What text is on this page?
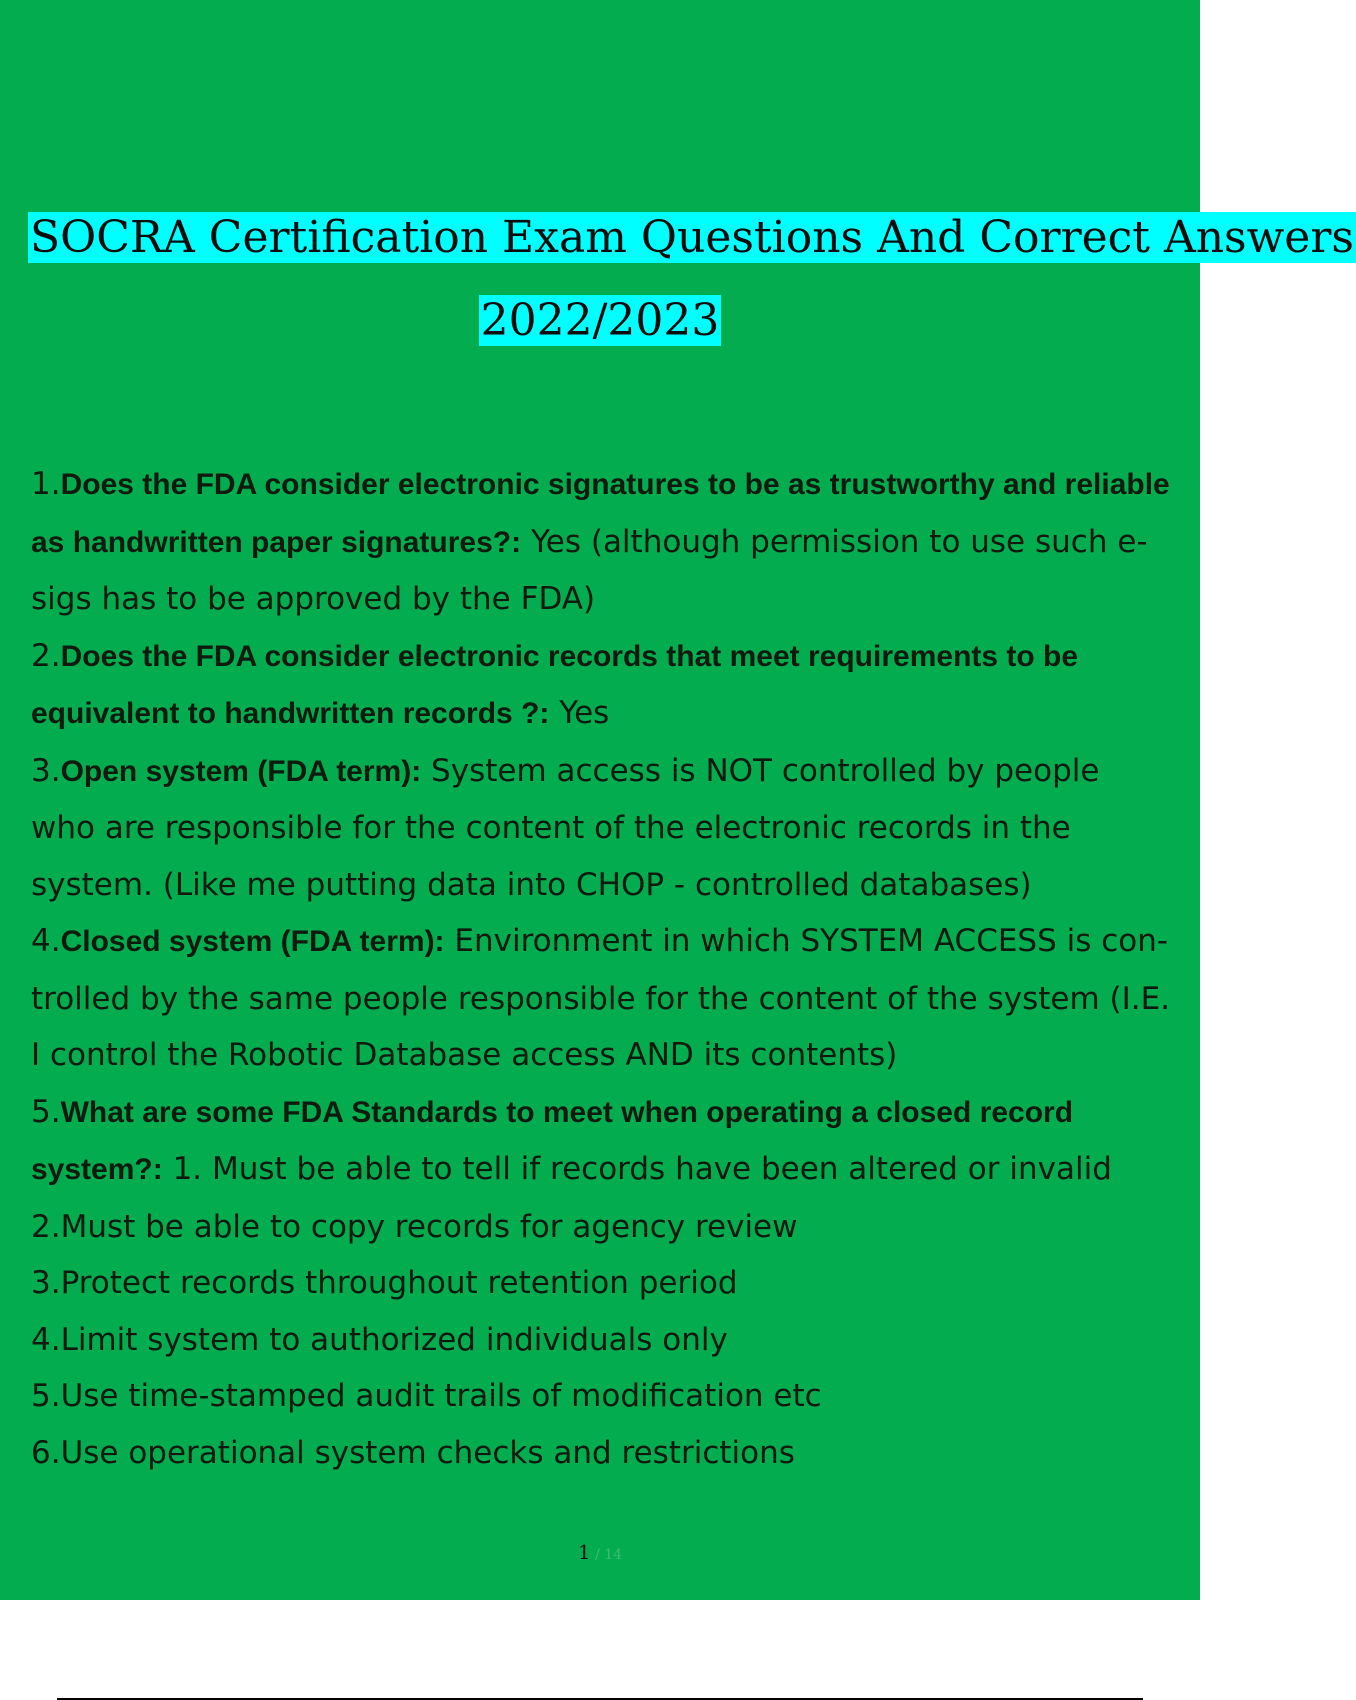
SOCRA Certification Exam Questions And Correct Answers
2022/2023

1.Does the FDA consider electronic signatures to be as trustworthy and reliable as handwritten paper signatures?: Yes (although permission to use such e-sigs has to be approved by the FDA)

2.Does the FDA consider electronic records that meet requirements to be equivalent to handwritten records ?: Yes

3.Open system (FDA term): System access is NOT controlled by people who are responsible for the content of the electronic records in the system. (Like me putting data into CHOP - controlled databases)

4.Closed system (FDA term): Environment in which SYSTEM ACCESS is con- trolled by the same people responsible for the content of the system (I.E. I control the Robotic Database access AND its contents)

5.What are some FDA Standards to meet when operating a closed record system?: 1. Must be able to tell if records have been altered or invalid

2.Must be able to copy records for agency review

3.Protect records throughout retention period

4.Limit system to authorized individuals only

5.Use time-stamped audit trails of modification etc

6.Use operational system checks and restrictions

1 / 14
